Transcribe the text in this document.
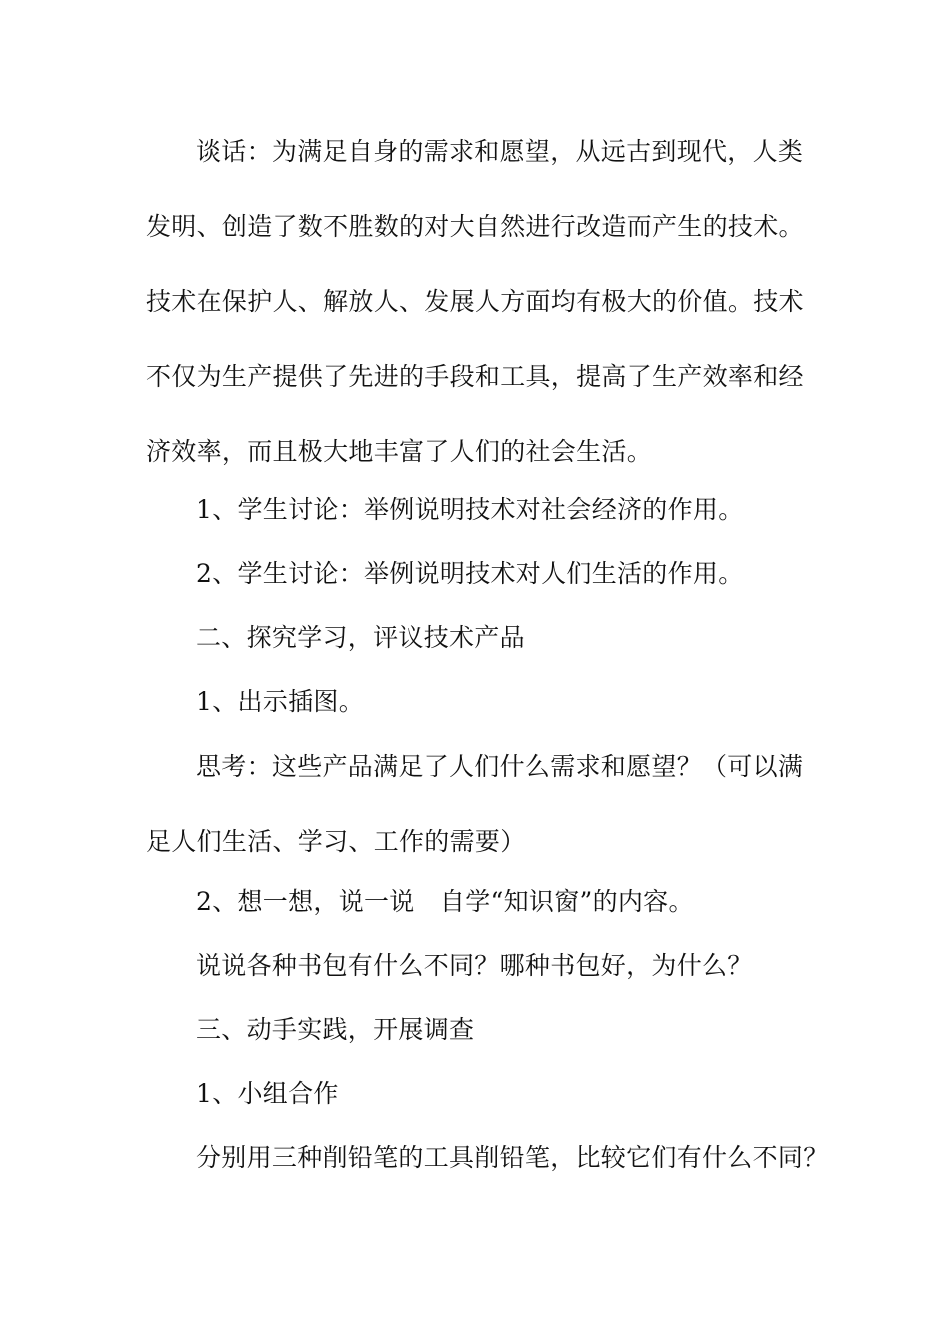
谈话：为满足自身的需求和愿望，从远古到现代，人类发明、创造了数不胜数的对大自然进行改造而产生的技术。技术在保护人、解放人、发展人方面均有极大的价值。技术不仅为生产提供了先进的手段和工具，提高了生产效率和经济效率，而且极大地丰富了人们的社会生活。

1、学生讨论：举例说明技术对社会经济的作用。

2、学生讨论：举例说明技术对人们生活的作用。

二、探究学习，评议技术产品

1、出示插图。

思考：这些产品满足了人们什么需求和愿望？（可以满足人们生活、学习、工作的需要）

2、想一想，说一说　自学“知识窗”的内容。

说说各种书包有什么不同？哪种书包好，为什么？

三、动手实践，开展调查

1、小组合作

分别用三种削铅笔的工具削铅笔，比较它们有什么不同？
